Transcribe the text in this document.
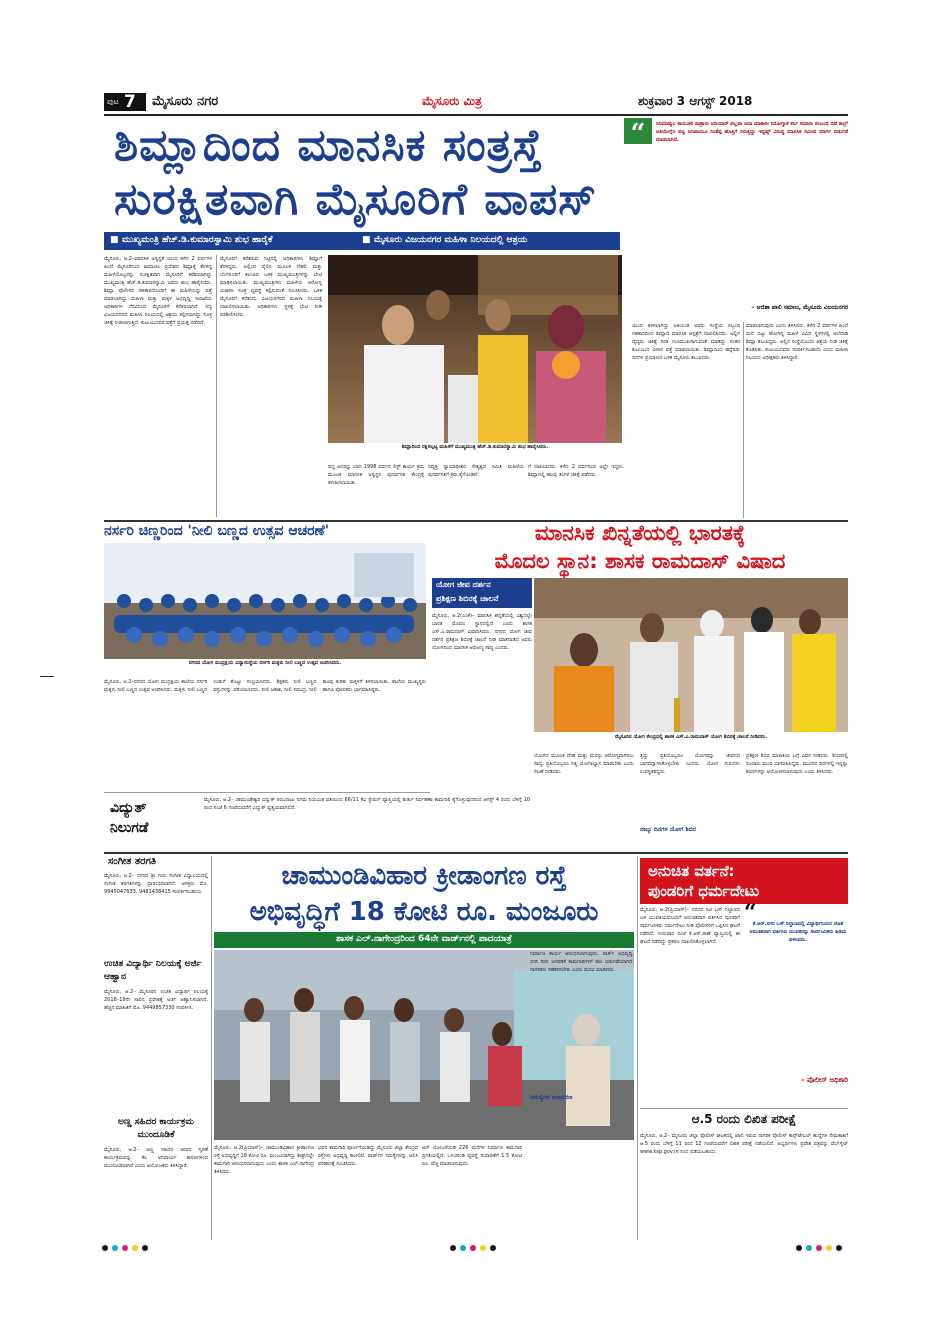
ಪುಟ 7 ಮೈಸೂರು ನಗರ	ಮೈಸೂರು ಮಿತ್ರ	ಶುಕ್ರವಾರ 3 ಆಗಸ್ಟ್ 2018
ಶಿಮ್ಲಾದಿಂದ ಮಾನಸಿಕ ಸಂತ್ರಸ್ತೆ
ಸುರಕ್ಷಿತವಾಗಿ ಮೈಸೂರಿಗೆ ವಾಪಸ್
“	ಸಿನಿಮಾಪ್ಪುಲ ಕಾಯುಕರಿ ಪಾತ್ರಾರು ಆದಿಯಾರ್ ಪಲ್ಲವಾ ಆವಾ ಮಾತಾರೀ ನಿರೋಗ್ಯಾಕೆ ಕರ್ನಿ ಸಮಾರು ಸಂಬಂಧಿ ಬಿಟೆ ಕಾಲ್ರ್ ಅತಿಯೇಗ್ನೆನಿ ಪಟ್ಟ ಅನಿಪಾಯೂ ನಿಂತೆಪ್ಪ ಹೊತ್ತಿಗೆ ರಿರುತ್ತಿದ್ದು ಇದ್ಟಪ್ಸ್ ವಿರುದ್ಧ ಮಾನಸಿಕ ಸಮೀಪ ಮಾರ್ಗ ಬಿಡುಗಡೆ ಮಾಡಲಾಗಿದೆ.
– ಅಜಿತಾ ಪಾಲಿ ಸಮಾಜ, ಮೈಸೂರು ವಿಜಯನಗರ
■ ಮುಖ್ಯಮಂತ್ರಿ ಹೆಚ್.ಡಿ.ಕುಮಾರಸ್ವಾಮಿ ಶುಭ ಹಾರೈಕೆ	■ ಮೈಸೂರು ವಿಜಯನಗರ ಮಹಿಳಾ ನಿಲಯದಲ್ಲಿ ಆಶ್ರಯ
ಮೈಸೂರು, ಆ.2–ಮಾನಸಿಕ ಅಸ್ವಸ್ಥತೆ ಯಿಂದ ಕಳೆದ 2 ವರ್ಷಗಳ ಹಿಂದೆ ಮೈಸೂರಿನಿಂದ ಹಿಮಾಚಲ ಪ್ರದೇಶದ ಶಿಮ್ಲಾಕ್ಕೆ ತೆರಳಿದ್ದ ಮಹಿಳೆಯೊಬ್ಬರನ್ನು ಸುರಕ್ಷಿತವಾಗಿ ಮೈಸೂರಿಗೆ ಕರೆತರಲಾಗಿದ್ದು ಮುಖ್ಯಮಂತ್ರಿ ಹೆಚ್.ಡಿ.ಕುಮಾರಸ್ವಾಮಿ ಅವರು ಶುಭ ಹಾರೈಸಿದರು. ಶಿಮ್ಲಾ ಪೊಲೀಸರ ಸಹಕಾರದೊಂದಿಗೆ ಈ ಮಹಿಳೆಯನ್ನು ಪತ್ತೆ ಮಾಡಲಾಗಿದ್ದು ಮಹಿಳಾ ಮತ್ತು ಮಕ್ಕಳ ಅಭಿವೃದ್ಧಿ ಇಲಾಖೆಯ ಅಧಿಕಾರಿಗಳ ನೆರವಿನಿಂದ ಮೈಸೂರಿಗೆ ಕರೆತರಲಾಗಿದೆ. ಸದ್ಯ ವಿಜಯನಗರದ ಮಹಿಳಾ ನಿಲಯದಲ್ಲಿ ಆಶ್ರಯ ಕಲ್ಪಿಸಲಾಗಿದ್ದು ಸೂಕ್ತ ಚಿಕಿತ್ಸೆ ನೀಡಲಾಗುತ್ತಿದೆ. ಕುಟುಂಬದವರ ಪತ್ತೆಗೆ ಪ್ರಯತ್ನ ನಡೆದಿದೆ.
ಮೈಸೂರಿಗೆ ಕರೆತರುವ ನಿಟ್ಟಿನಲ್ಲಿ ಅಧಿಕಾರಿಗಳು ಶಿಮ್ಲಾಗೆ ತೆರಳಿದ್ದರು. ಅಲ್ಲಿಂದ ರೈಲಿನ ಮೂಲಕ ದೆಹಲಿ ಮತ್ತು ಬೆಂಗಳೂರಿಗೆ ತಲುಪಿದ ಬಳಿಕ ಮುಖ್ಯಮಂತ್ರಿಗಳನ್ನು ಭೇಟಿ ಮಾಡಿಸಲಾಯಿತು. ಮುಖ್ಯಮಂತ್ರಿಗಳು ಮಹಿಳೆಯ ಆರೋಗ್ಯ ವಿಚಾರಿಸಿ ಸೂಕ್ತ ವ್ಯವಸ್ಥೆ ಕಲ್ಪಿಸುವಂತೆ ಸೂಚಿಸಿದರು. ಬಳಿಕ ಮೈಸೂರಿಗೆ ಕರೆತಂದು ವಿಜಯನಗರದ ಮಹಿಳಾ ನಿಲಯಕ್ಕೆ ದಾಖಲಿಸಲಾಯಿತು. ಅಧಿಕಾರಿಗಳು ಸ್ಥಳಕ್ಕೆ ಭೇಟಿ ನೀಡಿ ಪರಿಶೀಲಿಸಿದರು.
ಶಿಮ್ಲಾದಿಂದ ರಕ್ಷಿಸಲ್ಪಟ್ಟ ಮಹಿಳೆಗೆ ಮುಖ್ಯಮಂತ್ರಿ ಹೆಚ್.ಡಿ.ಕುಮಾರಸ್ವಾಮಿ ಶುಭ ಹಾರೈಸಿದರು.
ಯಿಂದ ತಿಳಿಸಲಾಗಿದ್ದು ಅಕಿಯಂತ ಅವರು ಸಂಸ್ಥೆಯ ಸಿಬ್ಬಂದಿ ಸಹಕಾರದಿಂದ ಶಿಮ್ಲಾದ ಮಾನಸಿಕ ಆಸ್ಪತ್ರೆಗೆ ದಾಖಲಿಸಿದರು. ಅಲ್ಲಿನ ವೈದ್ಯರು ಚಿಕಿತ್ಸೆ ನೀಡಿ ಗುಣಮುಖರಾಗುವಂತೆ ಮಾಡಿದ್ದು ನಂತರ ಕುಟುಂಬದ ವಿಳಾಸ ಪತ್ತೆ ಮಾಡಲಾಯಿತು. ಶಿಮ್ಲಾದಿಂದ ಹನ್ನೆರಡು ದಿನಗಳ ಪ್ರಯಾಣದ ಬಳಿಕ ಮೈಸೂರು ತಲುಪಿದರು.
ಮಾಡಲಾಗುವುದು ಎಂದು ತಿಳಿಸಿದರು. ಕಳೆದ 2 ವರ್ಷಗಳ ಹಿಂದೆ ಮನೆ ಬಿಟ್ಟು ಹೋಗಿದ್ದ ಮಹಿಳೆ ವಿವಿಧ ಸ್ಥಳಗಳಲ್ಲಿ ಅಲೆದಾಡಿ ಶಿಮ್ಲಾ ತಲುಪಿದ್ದರು. ಅಲ್ಲಿನ ಸಂಸ್ಥೆಯೊಂದು ಆಶ್ರಯ ನೀಡಿ ಚಿಕಿತ್ಸೆ ಕೊಡಿಸಿತು. ಕುಟುಂಬದವರು ಸಂಪರ್ಕಿಸಬಹುದು ಎಂದು ಮಹಿಳಾ ನಿಲಯದ ಅಧೀಕ್ಷಕರು ತಿಳಿಸಿದ್ದಾರೆ.
ವದ್ದ ಅದರನ್ನು ಬಾದ 1998 ವರ್ಷದ ಲಿಸ್ಟ್ ಕಾರ್ಯ ಕ್ರಮ ಮೂಲಕ ಮಾನಸಿಕ ಅಸ್ವಸ್ಥರ ಪುನರ್ವಸತಿ ಕೇಂದ್ರಕ್ಕೆ ಕಳುಹಿಸಲಾಯಿತು.
ನಿವೃತ್ತ ನ್ಯಾಯಾಧೀಶರ ನೇತೃತ್ವದ ಸಮಿತಿ ಮಹಿಳೆಯ ಪುನರ್ವಸತಿಗೆ ಕ್ರಮ ಕೈಗೊಂಡಿದೆ.
ಗೆ ದಾಖಲಾದರು. ಕಳೆದ 2 ವರ್ಷದಿಂದ ಅಲ್ಲೇ ಇದ್ದರು. ಶಿಮ್ಲಾದಲ್ಲಿ ಹಲವು ತಿಂಗಳ ಚಿಕಿತ್ಸೆ ಪಡೆದರು.
ನರ್ಸರಿ ಚಿಣ್ಣರಿಂದ 'ನೀಲಿ ಬಣ್ಣದ ಉತ್ಸವ ಆಚರಣೆ'
ನಗರದ ಯೋಗ ಮುದ್ರಕ್ಷಿಯ ವಿದ್ಯಾಸಂಸ್ಥೆಯ ನರ್ಸರಿ ಮಕ್ಕಳು ನೀಲಿ ಬಣ್ಣದ ಉತ್ಸವ ಆಚರಿಸಿದರು.
ಮೈಸೂರು, ಆ.2–ನಗರದ ಯೋಗ ಮುದ್ರಕ್ಷಿಯ ಶಾಲೆಯ ನರ್ಸರಿ ಮಕ್ಕಳು ನೀಲಿ ಬಣ್ಣದ ಉತ್ಸವ ಆಚರಿಸಿದರು. ಮಕ್ಕಳು ನೀಲಿ ಬಣ್ಣದ ಉಡುಗೆ ತೊಟ್ಟು ಸಂಭ್ರಮಿಸಿದರು. ಶಿಕ್ಷಕರು ನೀಲಿ ಬಣ್ಣದ ವಸ್ತುಗಳನ್ನು ಪರಿಚಯಿಸಿದರು. ನೀಲಿ ಆಕಾಶ, ನೀಲಿ ಸಮುದ್ರ, ನೀಲಿ ಹೂವು ಕುರಿತು ಮಕ್ಕಳಿಗೆ ತಿಳಿಸಲಾಯಿತು. ಶಾಲೆಯ ಮುಖ್ಯಸ್ಥರು ಹಾಗೂ ಪೋಷಕರು ಭಾಗವಹಿಸಿದ್ದರು.
ಮಾನಸಿಕ ಖಿನ್ನತೆಯಲ್ಲಿ ಭಾರತಕ್ಕೆ
ಮೊದಲ ಸ್ಥಾನ: ಶಾಸಕ ರಾಮದಾಸ್ ವಿಷಾದ
ಯೋಗ ಜೀವ ದರ್ಶನ
ಪ್ರಶಿಕ್ಷಣ ಶಿಬಿರಕ್ಕೆ ಚಾಲನೆ
ಮೈಸೂರು, ಆ.2(ಎಂಕೆ)– ಮಾನಸಿಕ ಖಿನ್ನತೆಯಲ್ಲಿ ವಿಶ್ವದಲ್ಲೇ ಭಾರತ ಮೊದಲ ಸ್ಥಾನದಲ್ಲಿದೆ ಎಂದು ಶಾಸಕ ಎಸ್.ಎ.ರಾಮದಾಸ್ ವಿಷಾದಿಸಿದರು. ನಗರದ ಯೋಗ ಜೀವ ದರ್ಶನ ಪ್ರಶಿಕ್ಷಣ ಶಿಬಿರಕ್ಕೆ ಚಾಲನೆ ನೀಡಿ ಮಾತನಾಡಿದ ಅವರು ಯೋಗದಿಂದ ಮಾನಸಿಕ ಆರೋಗ್ಯ ಸಾಧ್ಯ ಎಂದರು.
ಮೈಸೂರಿನ ಯೋಗ ಕೇಂದ್ರದಲ್ಲಿ ಶಾಸಕ ಎಸ್.ಎ.ರಾಮದಾಸ್ ಯೋಗ ಶಿಬಿರಕ್ಕೆ ಚಾಲನೆ ನೀಡಿದರು.
ಯೋಗದ ಮೂಲಕ ದೇಹ ಮತ್ತು ಮನಸ್ಸು ಆರೋಗ್ಯವಾಗಿರಲು ಸಾಧ್ಯ. ಪ್ರತಿಯೊಬ್ಬರೂ ನಿತ್ಯ ಯೋಗಾಭ್ಯಾಸ ಮಾಡಬೇಕು ಎಂದು ಸಲಹೆ ನೀಡಿದರು.
ತ್ತಿದ್ದು ಪ್ರತಿಯೊಬ್ಬರೂ ಯೋಗವನ್ನು ಜೀವನದ ಭಾಗವನ್ನಾಗಿಸಿಕೊಳ್ಳಬೇಕು ಎಂದರು. ಯೋಗ ಗುರುಗಳು ಉಪಸ್ಥಿತರಿದ್ದರು.
ಪ್ರಶಿಕ್ಷಣ ಶಿಬಿರ ಮಾಹಿತಿಯ ಬಗ್ಗೆ ವಿವರ ನೀಡಿದರು. ಶಿಬಿರದಲ್ಲಿ ನೂರಾರು ಮಂದಿ ಭಾಗವಹಿಸಿದ್ದರು. ಮುಂದಿನ ದಿನಗಳಲ್ಲಿ ಇನ್ನಷ್ಟು ಶಿಬಿರಗಳನ್ನು ಆಯೋಜಿಸಲಾಗುವುದು ಎಂದು ತಿಳಿಸಿದರು.
ನಾಲ್ಕು ದಿನಗಳ ಯೋಗ ಶಿಬಿರ
ವಿದ್ಯುತ್
ನಿಲುಗಡೆ
ಮೈಸೂರು, ಆ.2– ಚಾಮುಂಡೇಶ್ವರಿ ವಿದ್ಯುತ್ ಸರಬರಾಜು ನಿಗಮ ನಿಯಮಿತ ವತಿಯಿಂದ 66/11 ಕೆವಿ ಸ್ಟೇಷನ್ ವ್ಯಾಪ್ತಿಯಲ್ಲಿ ತುರ್ತು ನಿರ್ವಹಣಾ ಕಾಮಗಾರಿ ಕೈಗೊಳ್ಳುವುದರಿಂದ ಆಗಸ್ಟ್ 4 ರಂದು ಬೆಳಿಗ್ಗೆ 10 ರಿಂದ ಸಂಜೆ 6 ಗಂಟೆಯವರೆಗೆ ವಿದ್ಯುತ್ ವ್ಯತ್ಯಯವಾಗಲಿದೆ.
ಸಂಗೀತ ತರಗತಿ
ಮೈಸೂರು, ಆ.2– ನಗರದ ಶ್ರೀ ಗುರು ಸಂಗೀತ ವಿದ್ಯಾಲಯದಲ್ಲಿ ಸಂಗೀತ ತರಗತಿಗಳನ್ನು ಪ್ರಾರಂಭಿಸಲಾಗಿದೆ. ಆಸಕ್ತರು ಮೊ. 9945047633, 9481438415 ಸಂಪರ್ಕಿಸಬಹುದು.
ಉಚಿತ ವಿದ್ಯಾರ್ಥಿ ನಿಲಯಕ್ಕೆ ಅರ್ಜಿ ಆಹ್ವಾನ
ಮೈಸೂರು, ಆ.2– ಮೈಸೂರಿನ ಉಚಿತ ವಿದ್ಯಾರ್ಥಿ ನಿಲಯಕ್ಕೆ 2018–19ನೇ ಸಾಲಿನ ಪ್ರವೇಶಕ್ಕೆ ಅರ್ಜಿ ಆಹ್ವಾನಿಸಲಾಗಿದೆ. ಹೆಚ್ಚಿನ ಮಾಹಿತಿಗೆ ಮೊ. 9449857330 ಸಂಪರ್ಕಿಸಿ.
ಅಣ್ಣ ಸಹಿದರ ಕಾರ್ಯಕ್ರಮ ಮುಂದೂಡಿಕೆ
ಮೈಸೂರು, ಆ.2– ಅಣ್ಣ ಸಹಿದರ ಜೀವನ ಸ್ಮರಣೆ ಕಾರ್ಯಕ್ರಮವನ್ನು ಕೆಲ ಅನಿವಾರ್ಯ ಕಾರಣಗಳಿಂದ ಮುಂದೂಡಲಾಗಿದೆ ಎಂದು ಆಯೋಜಕರು ತಿಳಿಸಿದ್ದಾರೆ.
ಚಾಮುಂಡಿವಿಹಾರ ಕ್ರೀಡಾಂಗಣ ರಸ್ತೆ
ಅಭಿವೃದ್ಧಿಗೆ 18 ಕೋಟಿ ರೂ. ಮಂಜೂರು
ಶಾಸಕ ಎಲ್.ನಾಗೇಂದ್ರರಿಂದ 64ನೇ ವಾರ್ಡ್‌ನಲ್ಲಿ ಪಾದಯಾತ್ರೆ
ಮೈಸೂರು, ಆ.2(ಪ್ರಿಯಾಸ್)– ಚಾಮುಂಡಿವಿಹಾರ ಕ್ರೀಡಾಂಗಣ ರಸ್ತೆ ಅಭಿವೃದ್ಧಿಗೆ 18 ಕೋಟಿ ರೂ. ಮಂಜೂರಾಗಿದ್ದು ಶೀಘ್ರದಲ್ಲೇ ಕಾಮಗಾರಿ ಆರಂಭಿಸಲಾಗುವುದು ಎಂದು ಶಾಸಕ ಎಲ್.ನಾಗೇಂದ್ರ ತಿಳಿಸಿದರು.
ಭವನ ಕಾಮಗಾರಿ ಪೂರ್ಣಗೊಂಡಿದ್ದು ಮೈಸೂರು ಜಿಲ್ಲಾ ಕೇಂದ್ರದ ರಸ್ತೆಗಳು ಅಭಿವೃದ್ಧಿ ಕಾಣಲಿವೆ. ವಾರ್ಡ್‌ನ ಸಮಸ್ಯೆಗಳನ್ನು ಆಲಿಸಿ ಪರಿಹಾರಕ್ಕೆ ಸೂಚಿಸಿದರು.
ಅರ್ ಯೋಜನೆಯಡಿ 226 ಮನೆಗಳ ನಿರ್ಮಾಣ ಕಾಮಗಾರಿ ಪ್ರಗತಿಯಲ್ಲಿದೆ. ಒಳಚರಂಡಿ ವ್ಯವಸ್ಥೆ ಸುಧಾರಣೆಗೆ 1.5 ಕೋಟಿ ರೂ. ವೆಚ್ಚ ಮಾಡಲಾಗುವುದು.
ನಿರ್ಮಾಣ ಕಾರ್ಯ ಆರಂಭಿಸಲಾಗುವುದು. ಪಾರ್ಕ್ ಅಭಿವೃದ್ಧಿ, ಬೀದಿ ದೀಪ ಅಳವಡಿಕೆ ಕಾಮಗಾರಿಗಳಿಗೆ ಹಣ ಬಿಡುಗಡೆಯಾಗಿದೆ. ನಾಗರಿಕರು ಸಹಕರಿಸಬೇಕು ಎಂದು ಮನವಿ ಮಾಡಿದರು.
ಸಮಸ್ಯೆಗಳ ಅನಾವರಣ
ಅನುಚಿತ ವರ್ತನೆ:
ಪುಂಡರಿಗೆ ಧರ್ಮದೇಟು
ಮೈಸೂರು, ಆ.2(ಪ್ರಿಯಾಸ್)– ನಗರದ ಸಿಟಿ ಬಸ್ ನಿಲ್ದಾಣದ ಬಳಿ ಯುವತಿಯರೊಂದಿಗೆ ಅನುಚಿತವಾಗಿ ವರ್ತಿಸಿದ ಪುಂಡರಿಗೆ ಸಾರ್ವಜನಿಕರು ಧರ್ಮದೇಟು ನೀಡಿ ಪೊಲೀಸರಿಗೆ ಒಪ್ಪಿಸಿದ ಘಟನೆ ನಡೆದಿದೆ. ಗುರುವಾರ ಸಂಜೆ ಕೆ.ಆರ್.ಠಾಣೆ ವ್ಯಾಪ್ತಿಯಲ್ಲಿ ಈ ಘಟನೆ ನಡೆದಿದ್ದು ಪ್ರಕರಣ ದಾಖಲಿಸಿಕೊಳ್ಳಲಾಗಿದೆ.
“
ಕೆ.ಆರ್.ನಗರ ಬಸ್ ನಿಲ್ದಾಣದಲ್ಲಿ ವಿದ್ಯಾರ್ಥಿನಿಯರ ಜೊತೆ ಅನುಚಿತವಾಗಿ ವರ್ತಿಸಿದ ಯುವಕರನ್ನು ಸಾರ್ವಜನಿಕರು ಹಿಡಿದು ಥಳಿಸಿದರು.
– ಪೊಲೀಸ್ ಅಧಿಕಾರಿ
ಆ.5 ರಂದು ಲಿಖಿತ ಪರೀಕ್ಷೆ
ಮೈಸೂರು, ಆ.2– ಮೈಸೂರು ಜಿಲ್ಲಾ ಪೊಲೀಸ್ ಘಟಕದಲ್ಲಿ ಖಾಲಿ ಇರುವ ನಾಗರಿಕ ಪೊಲೀಸ್ ಕಾನ್ಸ್‌ಟೇಬಲ್ ಹುದ್ದೆಗಳ ನೇಮಕಾತಿಗೆ ಆ.5 ರಂದು ಬೆಳಿಗ್ಗೆ 11 ರಿಂದ 12 ಗಂಟೆಯವರೆಗೆ ಲಿಖಿತ ಪರೀಕ್ಷೆ ನಡೆಯಲಿದೆ. ಅಭ್ಯರ್ಥಿಗಳು ಪ್ರವೇಶ ಪತ್ರವನ್ನು ವೆಬ್‌ಸೈಟ್ www.ksp.gov.in ನಿಂದ ಪಡೆಯಬಹುದು.
